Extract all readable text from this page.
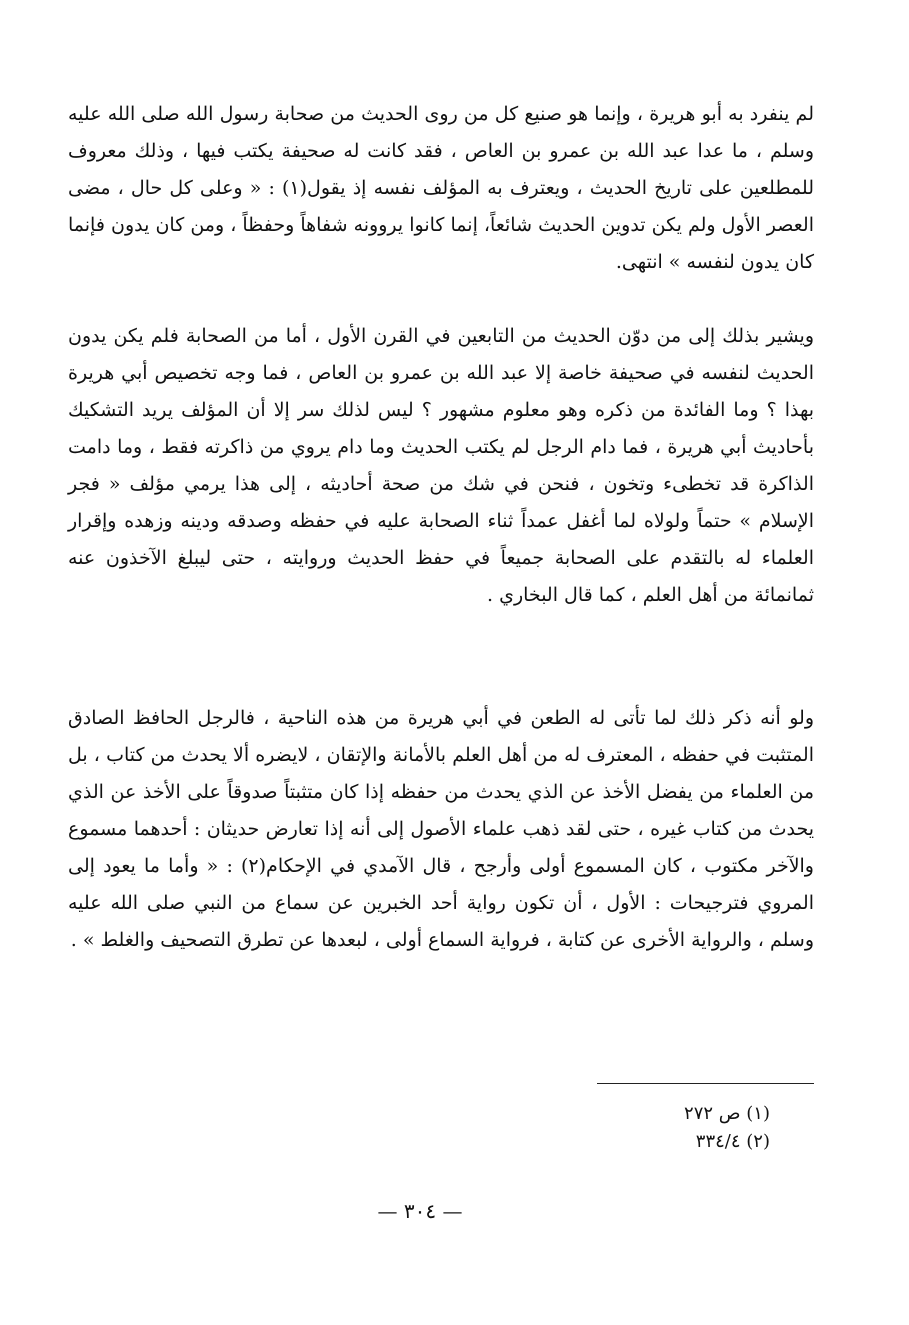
لم ينفرد به أبو هريرة ، وإنما هو صنيع كل من روى الحديث من صحابة رسول الله صلى الله عليه وسلم ، ما عدا عبد الله بن عمرو بن العاص ، فقد كانت له صحيفة يكتب فيها ، وذلك معروف للمطلعين على تاريخ الحديث ، ويعترف به المؤلف نفسه إذ يقول(١) : « وعلى كل حال ، مضى العصر الأول ولم يكن تدوين الحديث شائعاً، إنما كانوا يروونه شفاهاً وحفظاً ، ومن كان يدون فإنما كان يدون لنفسه » انتهى.

ويشير بذلك إلى من دوّن الحديث من التابعين في القرن الأول ، أما من الصحابة فلم يكن يدون الحديث لنفسه في صحيفة خاصة إلا عبد الله بن عمرو بن العاص ، فما وجه تخصيص أبي هريرة بهذا ؟ وما الفائدة من ذكره وهو معلوم مشهور ؟ ليس لذلك سر إلا أن المؤلف يريد التشكيك بأحاديث أبي هريرة ، فما دام الرجل لم يكتب الحديث وما دام يروي من ذاكرته فقط ، وما دامت الذاكرة قد تخطىء وتخون ، فنحن في شك من صحة أحاديثه ، إلى هذا يرمي مؤلف « فجر الإسلام » حتماً ولولاه لما أغفل عمداً ثناء الصحابة عليه في حفظه وصدقه ودينه وزهده وإقرار العلماء له بالتقدم على الصحابة جميعاً في حفظ الحديث وروايته ، حتى ليبلغ الآخذون عنه ثمانمائة من أهل العلم ، كما قال البخاري .

ولو أنه ذكر ذلك لما تأتى له الطعن في أبي هريرة من هذه الناحية ، فالرجل الحافظ الصادق المتثبت في حفظه ، المعترف له من أهل العلم بالأمانة والإتقان ، لايضره ألا يحدث من كتاب ، بل من العلماء من يفضل الأخذ عن الذي يحدث من حفظه إذا كان متثبتاً صدوقاً على الأخذ عن الذي يحدث من كتاب غيره ، حتى لقد ذهب علماء الأصول إلى أنه إذا تعارض حديثان : أحدهما مسموع والآخر مكتوب ، كان المسموع أولى وأرجح ، قال الآمدي في الإحكام(٢) : « وأما ما يعود إلى المروي فترجيحات : الأول ، أن تكون رواية أحد الخبرين عن سماع من النبي صلى الله عليه وسلم ، والرواية الأخرى عن كتابة ، فرواية السماع أولى ، لبعدها عن تطرق التصحيف والغلط » .

(١) ص ٢٧٢
(٢) ٣٣٤/٤
— ٣٠٤ —
